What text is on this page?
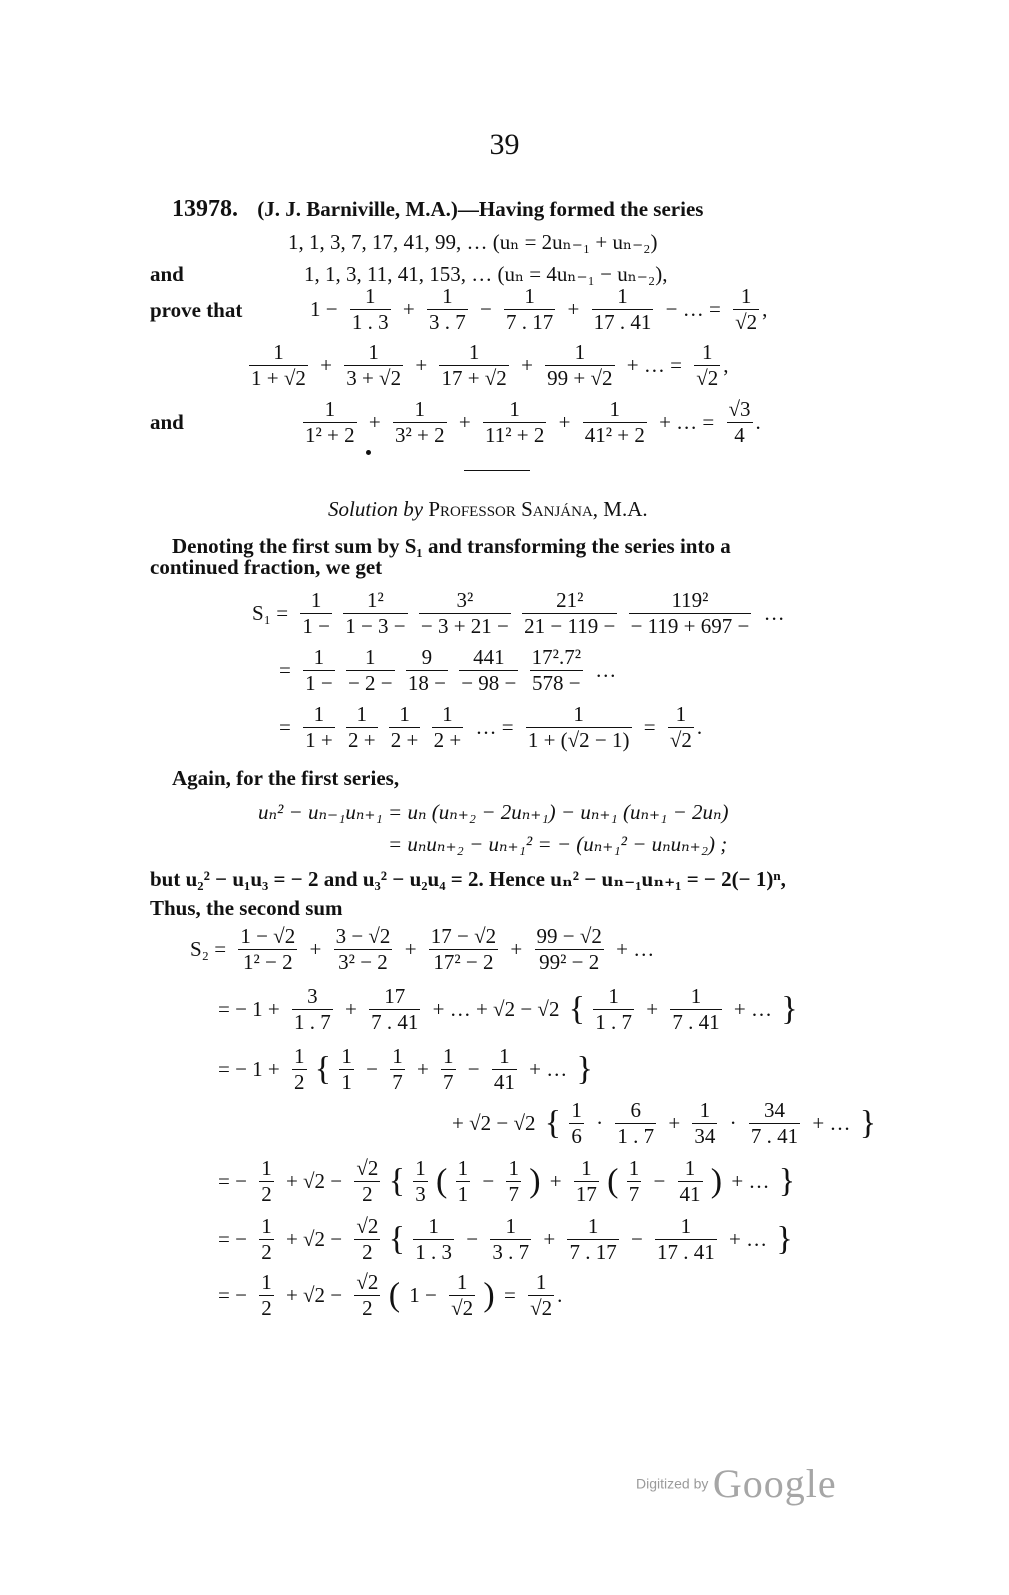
39
13978. (J. J. Barniville, M.A.)—Having formed the series
1, 1, 3, 7, 17, 41, 99, … (uₙ = 2uₙ₋₁ + uₙ₋₂)
and	1, 1, 3, 11, 41, 153, … (uₙ = 4uₙ₋₁ − uₙ₋₂),
prove that	$1 - \frac{1}{1 . 3} + \frac{1}{3 . 7} - \frac{1}{7 . 17} + \frac{1}{17 . 41}$ − … = $\frac{1}{√2}$ ,
$\frac{1}{1 + √2} + \frac{1}{3 + √2} + \frac{1}{17 + √2} + \frac{1}{99 + √2}$ + … = $\frac{1}{√2}$ ,
and	$\frac{1}{\text{1² + 2}} + \frac{1}{\text{3² + 2}} + \frac{1}{\text{11² + 2}} + \frac{1}{\text{41² + 2}}$ + … = $\frac{√3}{4}$ .
Solution by Professor Sanjána, M.A.
Denoting the first sum by S₁ and transforming the series into a
continued fraction, we get
$S_1 = \frac{1}{1 -}$
$\frac{\text{1²}}{1 - 3 -}$
$\frac{\text{3²}}{- 3 + 21 -}$
$\frac{\text{21²}}{21 - 119 -}$
$\frac{\text{119²}}{- 119 + 697 -}$ …
= $\frac{1}{1 -}$
$\frac{1}{- 2 -}$
$\frac{9}{18 -}$
$\frac{441}{- 98 -}$
$\frac{\text{17².7²}}{578 -}$ …
= $\frac{1}{1 +}$
$\frac{1}{2 +}$
$\frac{1}{2 +}$
$\frac{1}{2 +}$ … = $\frac{1}{1 + (√2 - 1)} = \frac{1}{√2}$ .
Again, for the first series,
uₙ² − uₙ₋₁uₙ₊₁ = uₙ (uₙ₊₂ − 2uₙ₊₁) − uₙ₊₁ (uₙ₊₁ − 2uₙ)
= uₙuₙ₊₂ − uₙ₊₁² = − (uₙ₊₁² − uₙuₙ₊₂) ;
but u₂² − u₁u₃ = − 2 and u₃² − u₂u₄ = 2. Hence uₙ² − uₙ₋₁uₙ₊₁ = − 2(− 1)ⁿ,
Thus, the second sum
$S_2 = \frac{1 - √2}{\text{1² − 2}} + \frac{3 - √2}{\text{3² − 2}} + \frac{17 - √2}{\text{17² − 2}} + \frac{99 - √2}{\text{99² − 2}}$ + …
= − $1 + \frac{3}{1 . 7} + \frac{17}{7 . 41}$ + … + √2 − √2 { $\frac{1}{1 . 7} + \frac{1}{7 . 41}$ + … }
= − $1 + \frac{1}{2}$ { $\frac{1}{1} - \frac{1}{7} + \frac{1}{7} - \frac{1}{41}$ + … }
+ √2 − √2 { $\frac{1}{6} \cdot \frac{6}{1 . 7} + \frac{1}{34} \cdot \frac{34}{7 . 41}$ + … }
= − $\frac{1}{2} + √2 - \frac{√2}{2}$ { $\frac{1}{3}$ ( $\frac{1}{1} - \frac{1}{7}$ ) + $\frac{1}{17}$ ( $\frac{1}{7} - \frac{1}{41}$ ) + … }
= − $\frac{1}{2} + √2 - \frac{√2}{2}$ { $\frac{1}{1 . 3} - \frac{1}{3 . 7} + \frac{1}{7 . 17} - \frac{1}{17 . 41}$ + … }
= − $\frac{1}{2} + √2 - \frac{√2}{2}$ ( $1 - \frac{1}{√2}$ ) = $\frac{1}{√2}$ .
Digitized by Google
